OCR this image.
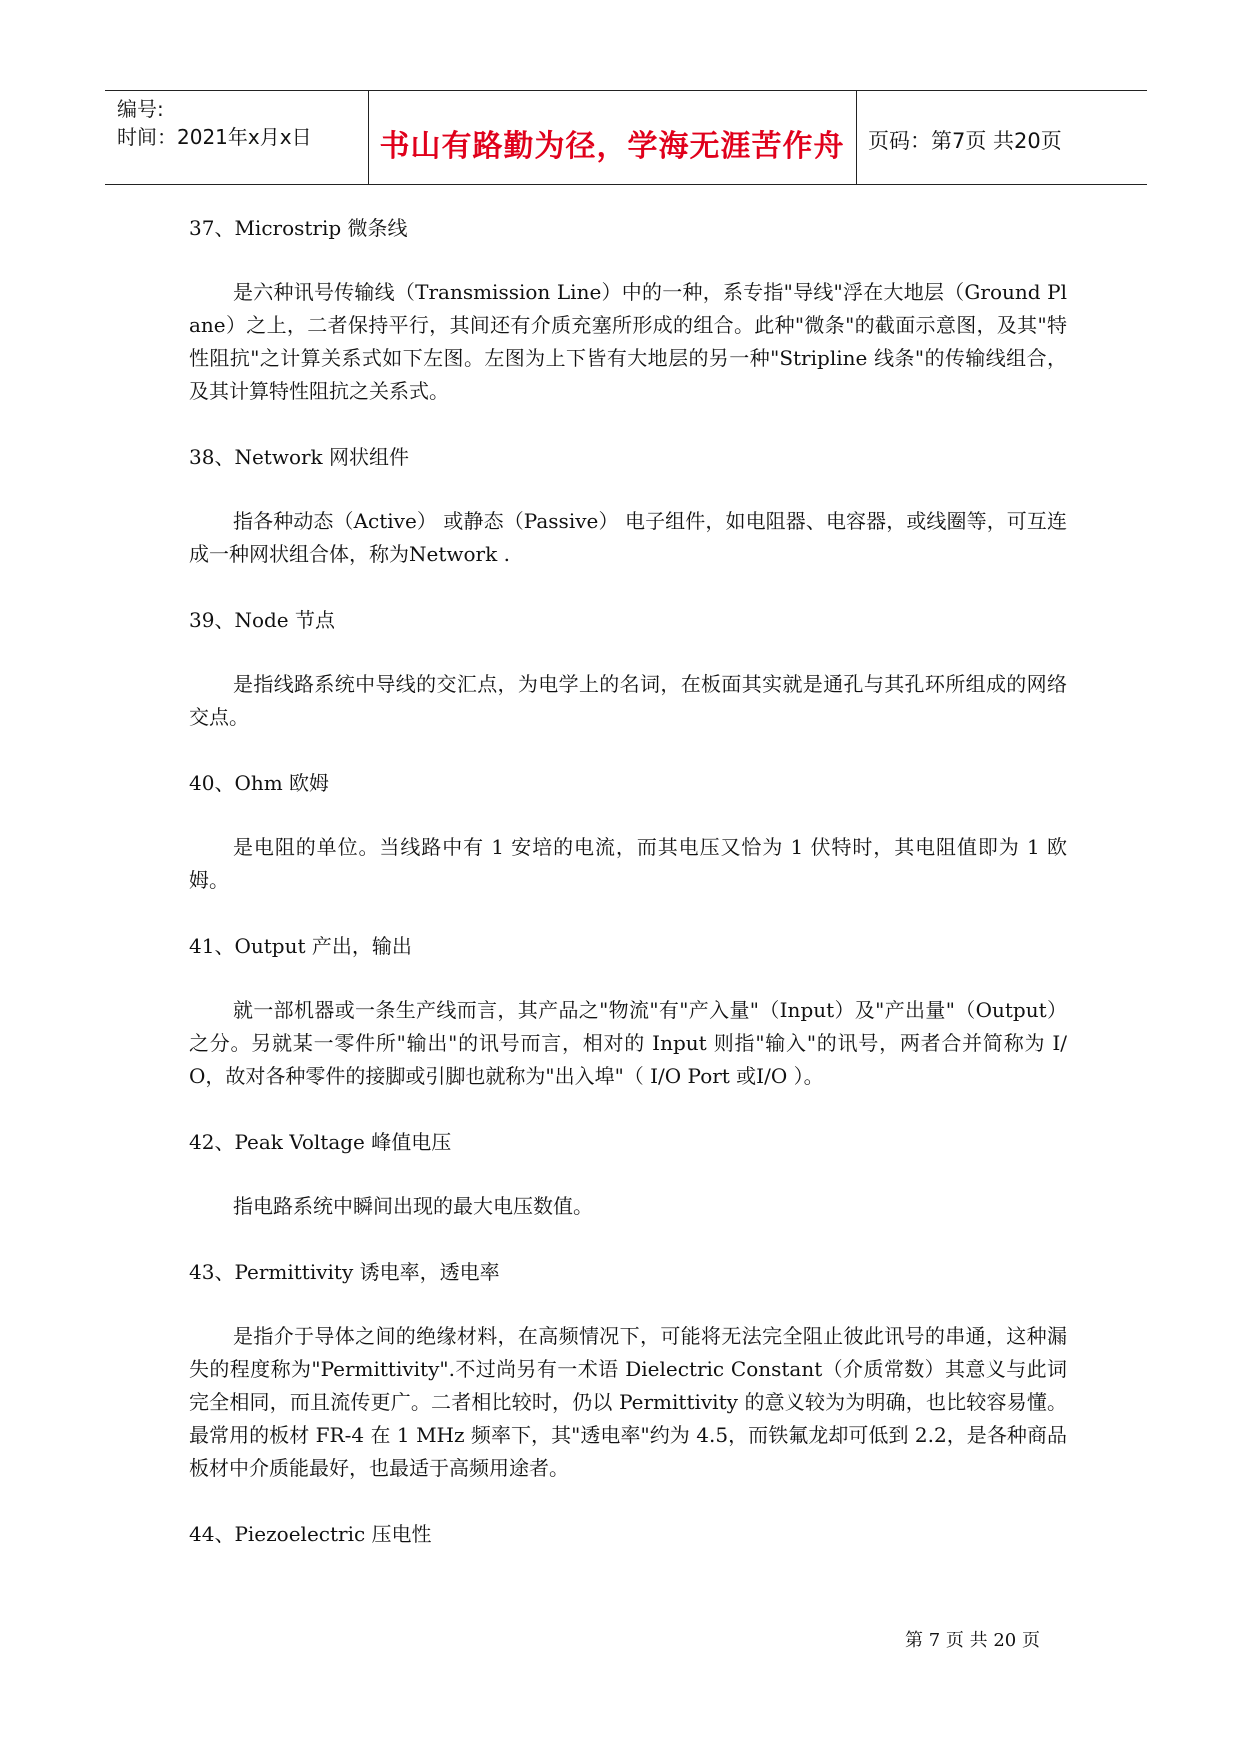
编号:
时间：2021年x月x日	书山有路勤为径，学海无涯苦作舟	页码：第7页 共20页

37、Microstrip 微条线

是六种讯号传输线（Transmission Line）中的一种，系专指"导线"浮在大地层（Ground Plane）之上，二者保持平行，其间还有介质充塞所形成的组合。此种"微条"的截面示意图，及其"特性阻抗"之计算关系式如下左图。左图为上下皆有大地层的另一种"Stripline 线条"的传输线组合，及其计算特性阻抗之关系式。

38、Network 网状组件

指各种动态（Active） 或静态（Passive） 电子组件，如电阻器、电容器，或线圈等，可互连成一种网状组合体，称为Network .

39、Node 节点

是指线路系统中导线的交汇点，为电学上的名词，在板面其实就是通孔与其孔环所组成的网络交点。

40、Ohm 欧姆

是电阻的单位。当线路中有 1 安培的电流，而其电压又恰为 1 伏特时，其电阻值即为 1 欧姆。

41、Output 产出，输出

就一部机器或一条生产线而言，其产品之"物流"有"产入量"（Input）及"产出量"（Output）之分。另就某一零件所"输出"的讯号而言，相对的 Input 则指"输入"的讯号，两者合并简称为 I/O，故对各种零件的接脚或引脚也就称为"出入埠"（ I/O Port 或I/O ）。

42、Peak Voltage 峰值电压

指电路系统中瞬间出现的最大电压数值。

43、Permittivity 诱电率，透电率

是指介于导体之间的绝缘材料，在高频情况下，可能将无法完全阻止彼此讯号的串通，这种漏失的程度称为"Permittivity".不过尚另有一术语 Dielectric Constant（介质常数）其意义与此词完全相同，而且流传更广。二者相比较时，仍以 Permittivity 的意义较为为明确，也比较容易懂。最常用的板材 FR-4 在 1 MHz 频率下，其"透电率"约为 4.5，而铁氟龙却可低到 2.2，是各种商品板材中介质能最好，也最适于高频用途者。

44、Piezoelectric 压电性

第 7 页 共 20 页
